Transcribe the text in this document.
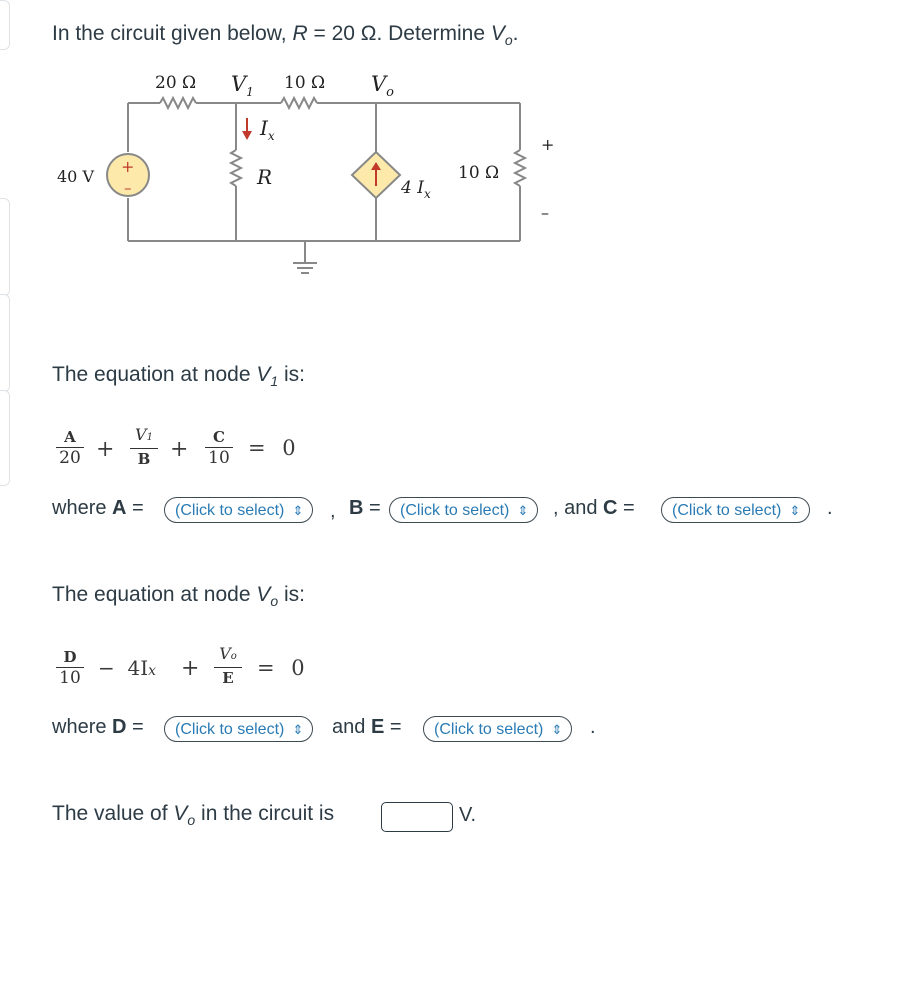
In the circuit given below, R = 20 Ω. Determine $V_o$.
+
–
20 Ω $V_1$ 10 Ω $V_o$
40 V
$I_x$
R	4 $I_x$
10 Ω
+
–
The equation at node $V_1$ is:
A
20 +
V1
B +	C
10 = 0
where A =	(Click to select) ⇕ , B =	(Click to select) ⇕ , and C =	(Click to select) ⇕ .
The equation at node $V_o$ is:
D
10 −  4Ix +
Vo
E	= 0
where D =	(Click to select) ⇕ and E =	(Click to select) ⇕ .
The value of $V_o$ in the circuit is	V.
